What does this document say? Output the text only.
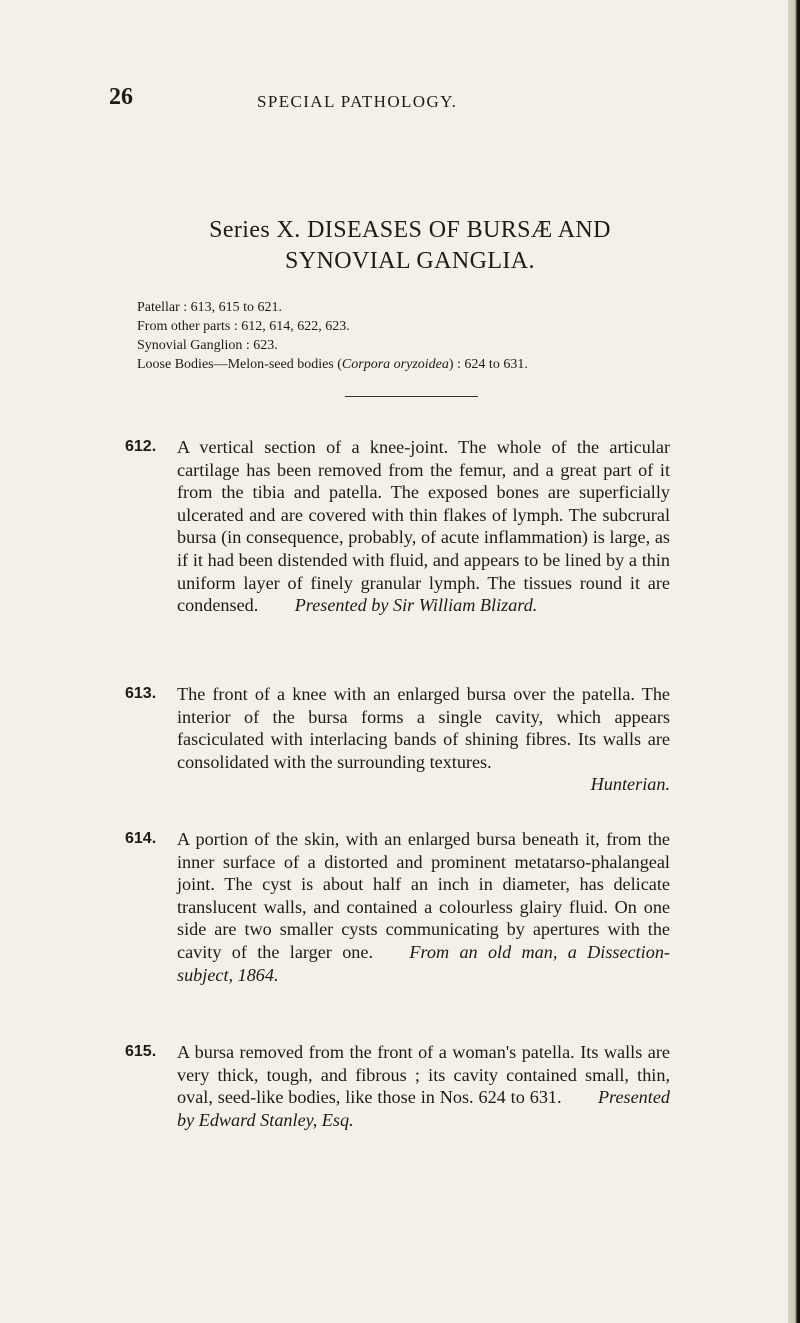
26	SPECIAL PATHOLOGY.
Series X. DISEASES OF BURSÆ AND
SYNOVIAL GANGLIA.
Patellar : 613, 615 to 621.
From other parts : 612, 614, 622, 623.
Synovial Ganglion : 623.
Loose Bodies—Melon-seed bodies (Corpora oryzoidea) : 624 to 631.
612. A vertical section of a knee-joint. The whole of the articular cartilage has been removed from the femur, and a great part of it from the tibia and patella. The exposed bones are superficially ulcerated and are covered with thin flakes of lymph. The subcrural bursa (in consequence, probably, of acute inflammation) is large, as if it had been distended with fluid, and appears to be lined by a thin uniform layer of finely granular lymph. The tissues round it are condensed.   Presented by Sir William Blizard.
613. The front of a knee with an enlarged bursa over the patella. The interior of the bursa forms a single cavity, which appears fasciculated with interlacing bands of shining fibres. Its walls are consolidated with the surrounding textures.
Hunterian.
614. A portion of the skin, with an enlarged bursa beneath it, from the inner surface of a distorted and prominent metatarso-phalangeal joint. The cyst is about half an inch in diameter, has delicate translucent walls, and contained a colourless glairy fluid. On one side are two smaller cysts communicating by apertures with the cavity of the larger one.   From an old man, a Dissection-subject, 1864.
615. A bursa removed from the front of a woman's patella. Its walls are very thick, tough, and fibrous ; its cavity contained small, thin, oval, seed-like bodies, like those in Nos. 624 to 631.   Presented by Edward Stanley, Esq.
